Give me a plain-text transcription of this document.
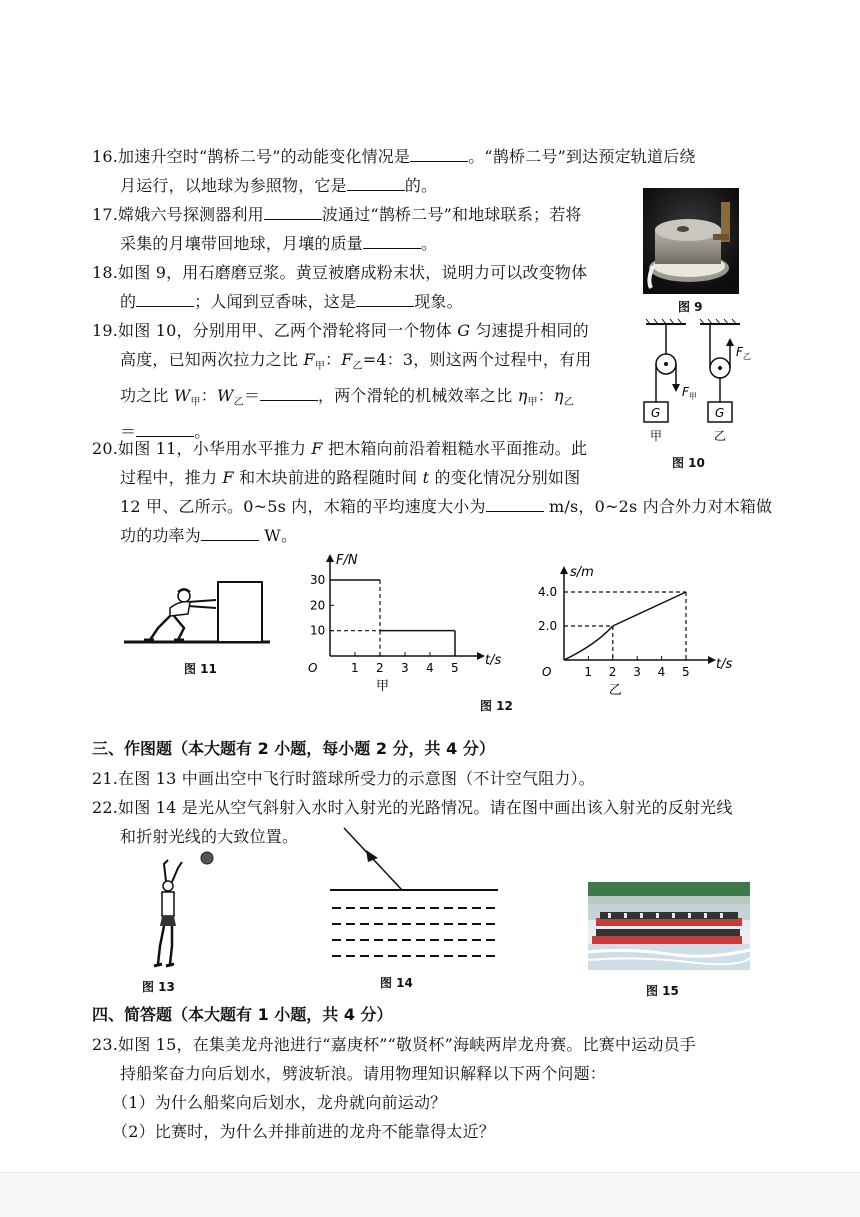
16.加速升空时“鹊桥二号”的动能变化情况是	。“鹊桥二号”到达预定轨道后绕

月运行，以地球为参照物，它是	的。

17.嫦娥六号探测器利用	波通过“鹊桥二号”和地球联系；若将

采集的月壤带回地球，月壤的质量	。

18.如图 9，用石磨磨豆浆。黄豆被磨成粉末状，说明力可以改变物体

的	；人闻到豆香味，这是	现象。	图 9

19.如图 10，分别用甲、乙两个滑轮将同一个物体 G 匀速提升相同的

高度，已知两次拉力之比 $F_甲$：$F_乙=4$：3，则这两个过程中，有用

功之比 $W_甲$：$W_乙=$	，两个滑轮的机械效率之比 $\eta_甲$：$\eta_乙$

＝	。

$F_甲$
G
甲
$F_乙$
G
乙
图 10

20.如图 11，小华用水平推力 F 把木箱向前沿着粗糙水平面推动。此

过程中，推力 F 和木块前进的路程随时间 t 的变化情况分别如图

12 甲、乙所示。0~5s 内，木箱的平均速度大小为	m/s，0~2s 内合外力对木箱做

功的功率为	W。

图 11	O	t/s
F/N
1 2 3 4 5
10
20
30
甲
O	t/s
s/m
1 2 3 4 5
2.0
4.0
乙
图 12
三、作图题（本大题有 2 小题，每小题 2 分，共 4 分）

21.在图 13 中画出空中飞行时篮球所受力的示意图（不计空气阻力）。

22.如图 14 是光从空气斜射入水时入射光的光路情况。请在图中画出该入射光的反射光线

和折射光线的大致位置。

图 13	图 14
图 15
四、简答题（本大题有 1 小题，共 4 分）

23.如图 15，在集美龙舟池进行“嘉庚杯”“敬贤杯”海峡两岸龙舟赛。比赛中运动员手

持船桨奋力向后划水，劈波斩浪。请用物理知识解释以下两个问题：

（1）为什么船桨向后划水，龙舟就向前运动？

（2）比赛时，为什么并排前进的龙舟不能靠得太近？
